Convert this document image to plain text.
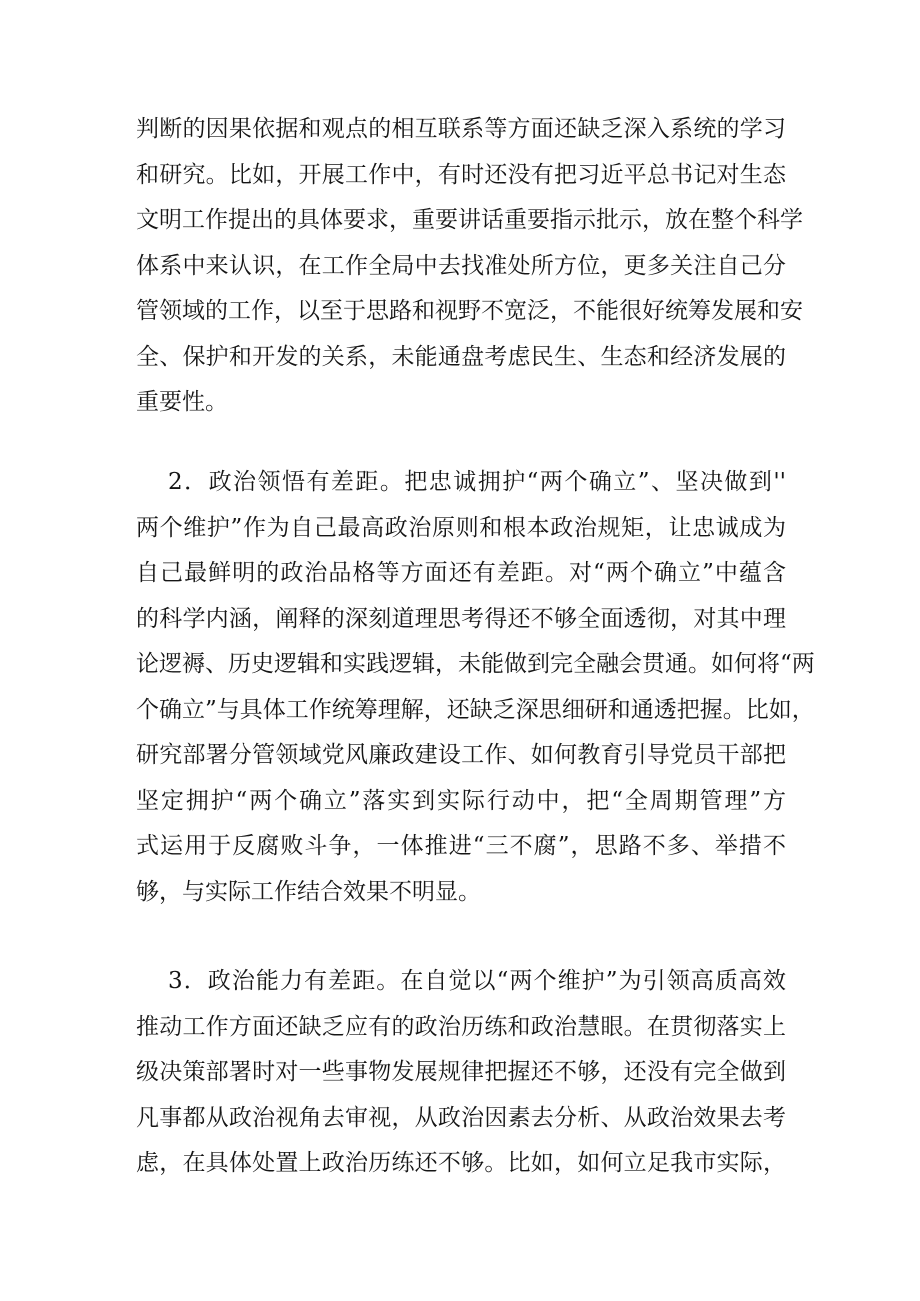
判断的因果依据和观点的相互联系等方面还缺乏深入系统的学习
和研究。比如，开展工作中，有时还没有把习近平总书记对生态
文明工作提出的具体要求，重要讲话重要指示批示，放在整个科学
体系中来认识，在工作全局中去找准处所方位，更多关注自己分
管领域的工作，以至于思路和视野不宽泛，不能很好统筹发展和安
全、保护和开发的关系，未能通盘考虑民生、生态和经济发展的
重要性。
2．政治领悟有差距。把忠诚拥护“两个确立”、坚决做到''
两个维护”作为自己最高政治原则和根本政治规矩，让忠诚成为
自己最鲜明的政治品格等方面还有差距。对“两个确立”中蕴含
的科学内涵，阐释的深刻道理思考得还不够全面透彻，对其中理
论逻褥、历史逻辑和实践逻辑，未能做到完全融会贯通。如何将“两
个确立”与具体工作统筹理解，还缺乏深思细研和通透把握。比如，
研究部署分管领域党风廉政建设工作、如何教育引导党员干部把
坚定拥护“两个确立”落实到实际行动中，把“全周期管理”方
式运用于反腐败斗争，一体推进“三不腐”，思路不多、举措不
够，与实际工作结合效果不明显。
3．政治能力有差距。在自觉以“两个维护”为引领高质高效
推动工作方面还缺乏应有的政治历练和政治慧眼。在贯彻落实上
级决策部署时对一些事物发展规律把握还不够，还没有完全做到
凡事都从政治视角去审视，从政治因素去分析、从政治效果去考
虑，在具体处置上政治历练还不够。比如，如何立足我市实际，
